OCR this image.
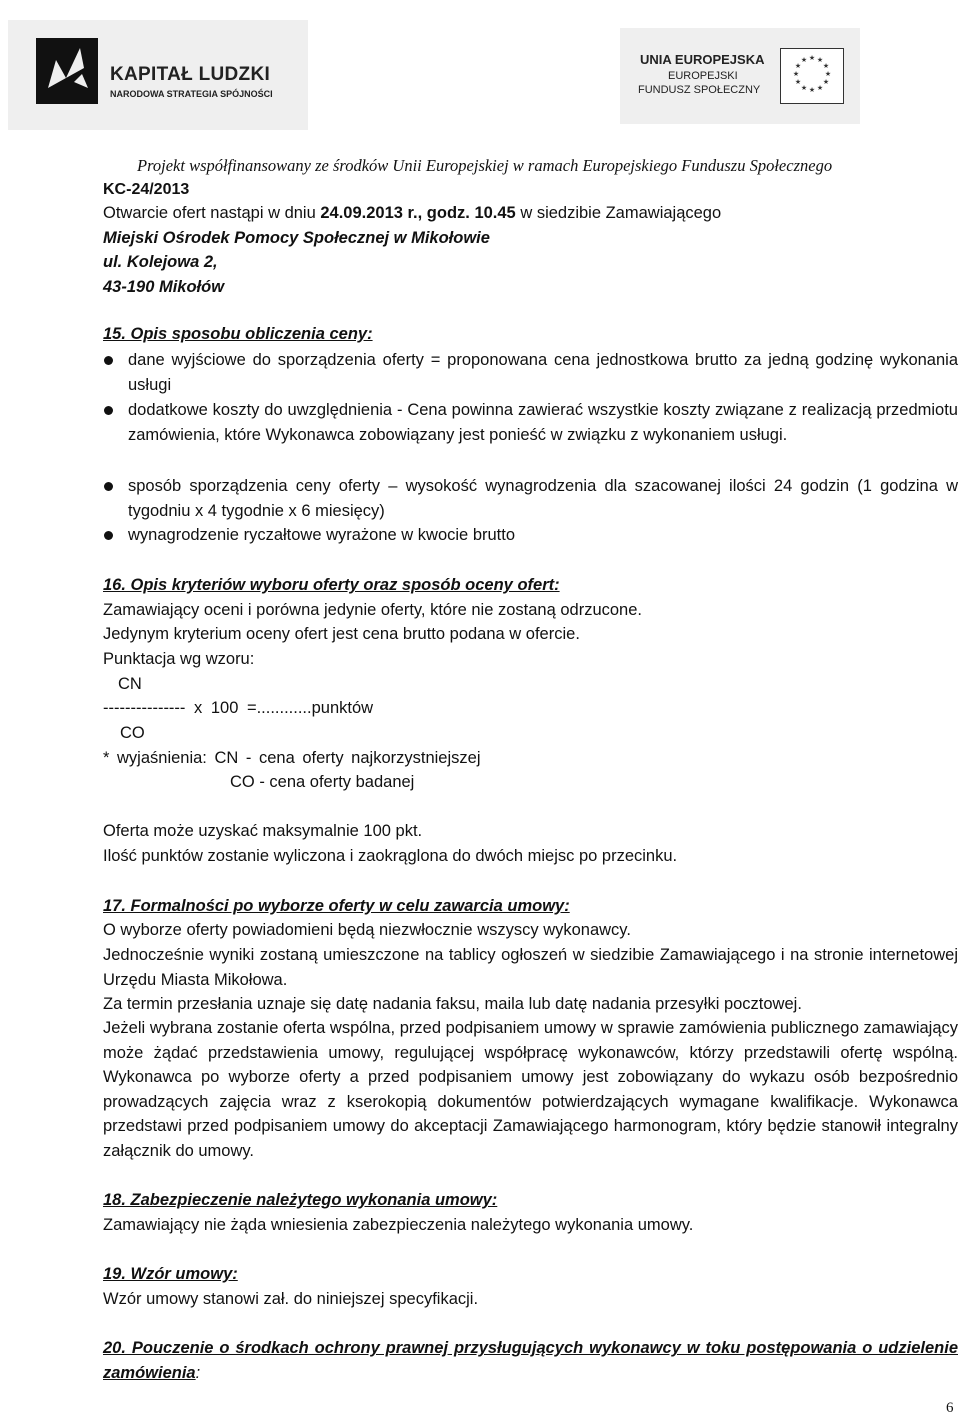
KAPITAŁ LUDZKI
NARODOWA STRATEGIA SPÓJNOŚCI
UNIA EUROPEJSKA
EUROPEJSKI
FUNDUSZ SPOŁECZNY
★ ★
★
★
★
★
★
★
★
★
★
★
Projekt współfinansowany ze środków Unii Europejskiej w ramach Europejskiego Funduszu Społecznego
KC-24/2013
Otwarcie ofert nastąpi w dniu 24.09.2013 r., godz. 10.45 w siedzibie Zamawiającego
Miejski Ośrodek Pomocy Społecznej w Mikołowie
ul. Kolejowa 2,
43-190 Mikołów
15. Opis sposobu obliczenia ceny:
dane wyjściowe do sporządzenia oferty = proponowana cena jednostkowa brutto za jedną godzinę wykonania usługi
dodatkowe koszty do uwzględnienia - Cena powinna zawierać wszystkie koszty związane z realizacją przedmiotu zamówienia, które Wykonawca zobowiązany jest ponieść w związku z wykonaniem usługi.
sposób sporządzenia ceny oferty – wysokość wynagrodzenia dla szacowanej ilości 24 godzin (1 godzina w tygodniu x 4 tygodnie x 6 miesięcy)
wynagrodzenie ryczałtowe wyrażone w kwocie brutto
16. Opis kryteriów wyboru oferty oraz sposób oceny ofert:
Zamawiający oceni i porówna jedynie oferty, które nie zostaną odrzucone.
Jedynym kryterium oceny ofert jest cena brutto podana w ofercie.
Punktacja wg wzoru:
CN
--------------- x 100 =............punktów
CO
* wyjaśnienia: CN - cena oferty najkorzystniejszej
CO - cena oferty badanej
Oferta może uzyskać maksymalnie 100 pkt.
Ilość punktów zostanie wyliczona i zaokrąglona do dwóch miejsc po przecinku.
17. Formalności po wyborze oferty w celu zawarcia umowy:
O wyborze oferty powiadomieni będą niezwłocznie wszyscy wykonawcy.
Jednocześnie wyniki zostaną umieszczone na tablicy ogłoszeń w siedzibie Zamawiającego i na stronie internetowej Urzędu Miasta Mikołowa.
Za termin przesłania uznaje się datę nadania faksu, maila lub datę nadania przesyłki pocztowej.
Jeżeli wybrana zostanie oferta wspólna, przed podpisaniem umowy w sprawie zamówienia publicznego zamawiający może żądać przedstawienia umowy, regulującej współpracę wykonawców, którzy przedstawili ofertę wspólną. Wykonawca po wyborze oferty a przed podpisaniem umowy jest zobowiązany do wykazu osób bezpośrednio prowadzących zajęcia wraz z kserokopią dokumentów potwierdzających wymagane kwalifikacje. Wykonawca przedstawi przed podpisaniem umowy do akceptacji Zamawiającego harmonogram, który będzie stanowił integralny załącznik do umowy.
18. Zabezpieczenie należytego wykonania umowy:
Zamawiający nie żąda wniesienia zabezpieczenia należytego wykonania umowy.
19. Wzór umowy:
Wzór umowy stanowi zał. do niniejszej specyfikacji.
20. Pouczenie o środkach ochrony prawnej przysługujących wykonawcy w toku postępowania o udzielenie zamówienia:
6
